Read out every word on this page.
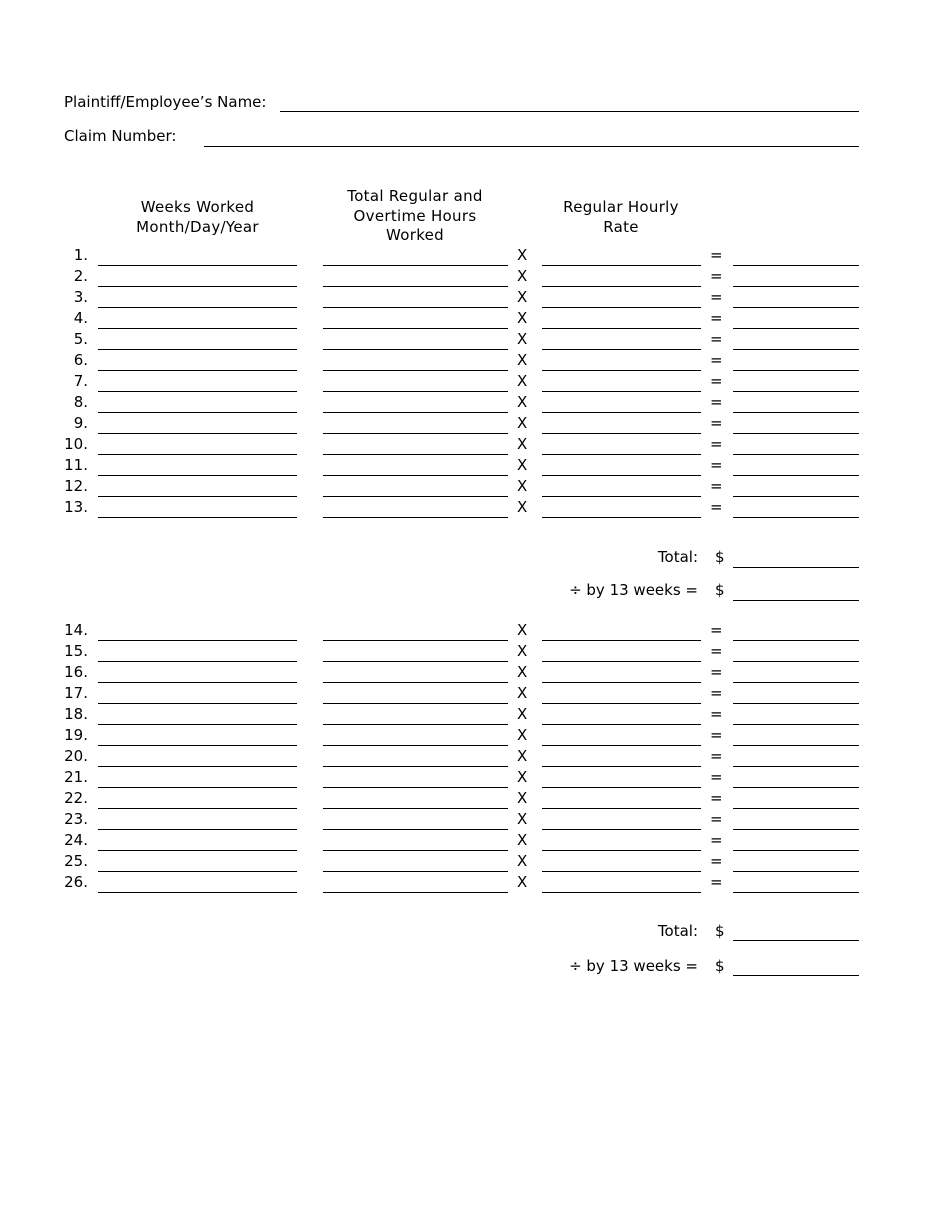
Plaintiff/Employee’s Name:
Claim Number:
Weeks Worked
Month/Day/Year
Total Regular and
Overtime Hours
Worked
Regular Hourly
Rate
1.	X	=
2.	X	=
3.	X	=
4.	X	=
5.	X	=
6.	X	=
7.	X	=
8.	X	=
9.	X	=
10.	X	=
11.	X	=
12.	X	=
13.	X	=
Total: $
÷ by 13 weeks = $
14.	X	=
15.	X	=
16.	X	=
17.	X	=
18.	X	=
19.	X	=
20.	X	=
21.	X	=
22.	X	=
23.	X	=
24.	X	=
25.	X	=
26.	X	=
Total: $
÷ by 13 weeks = $
